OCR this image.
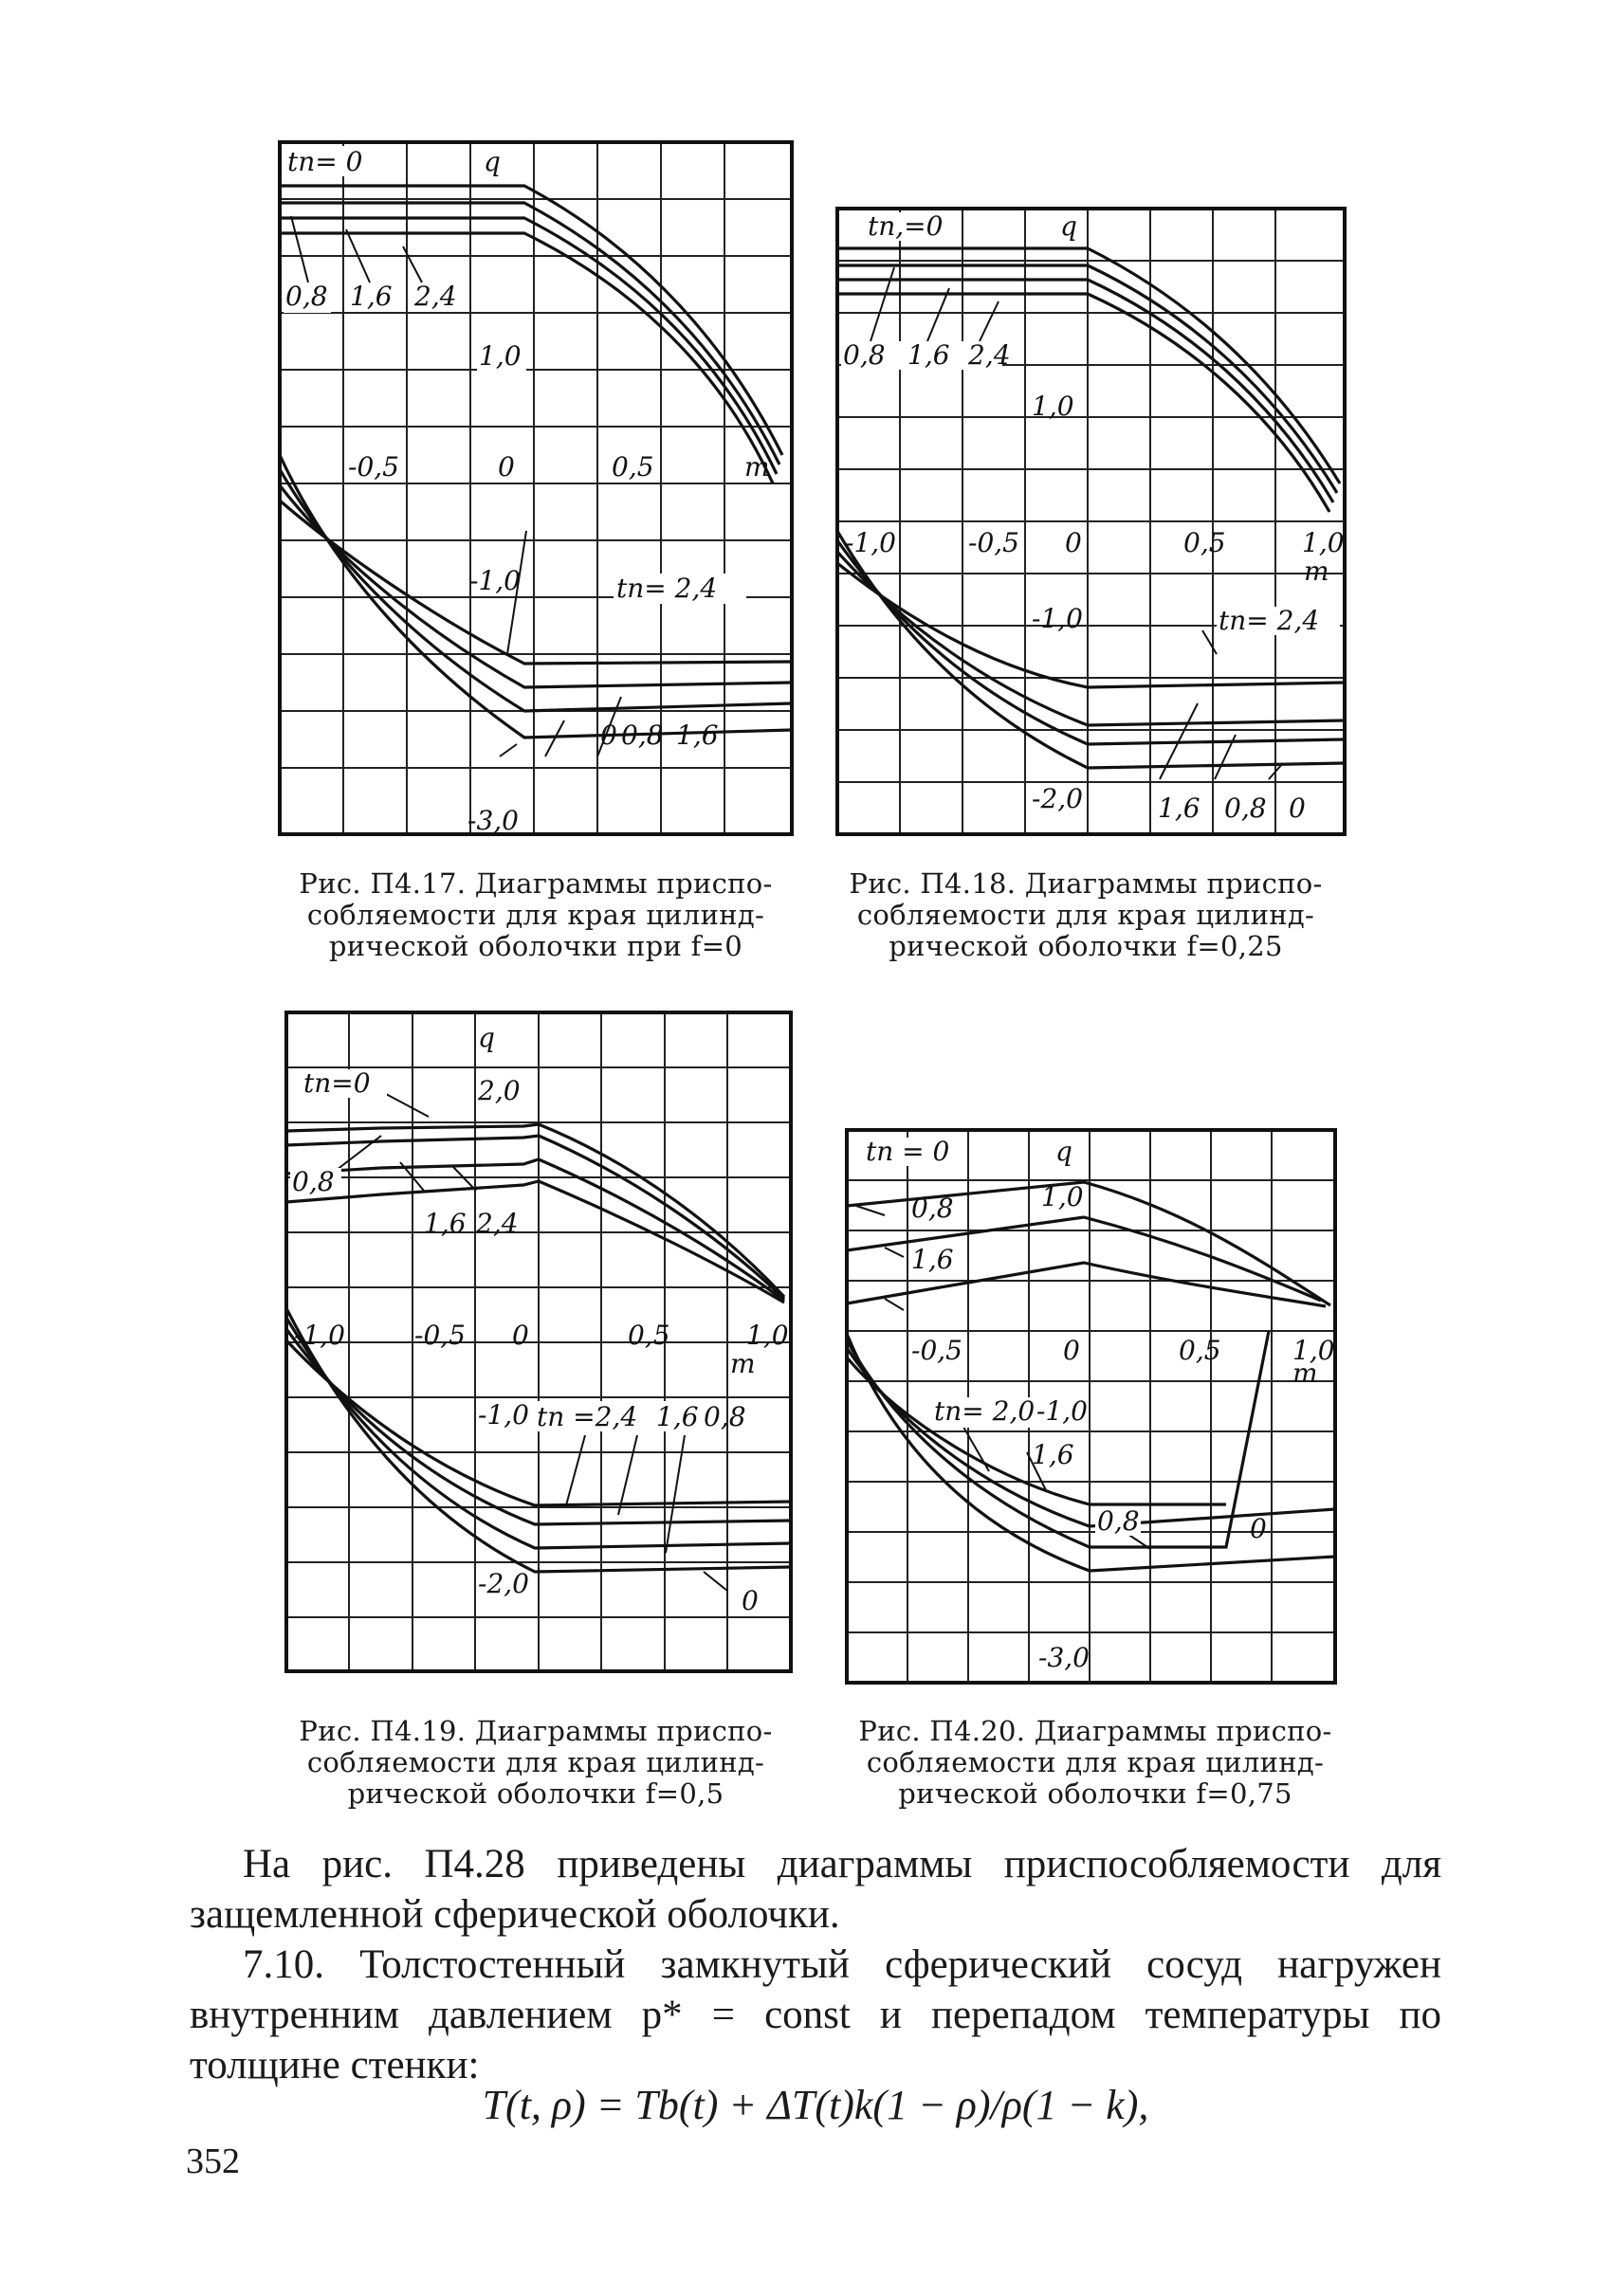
tп= 0	q
0,8 1,6 2,4
1,0
-0,5	0	0,5	m
-1,0	tп= 2,4
0 0,8 1,6
-3,0
Рис. П4.17. Диаграммы приспо-
собляемости для края цилинд-
рической оболочки при f=0
tп,=0	q
0,8 1,6 2,4
1,0
-1,0	-0,5 0	0,5	1,0
m
-1,0	tп= 2,4
-2,0	1,6 0,8 0
Рис. П4.18. Диаграммы приспо-
собляемости для края цилинд-
рической оболочки f=0,25
q
tп=0	2,0
0,8
1,6 2,4
-1,0	-0,5 0	0,5	1,0
m
-1,0 tп =2,4 1,6 0,8
-2,0
0
Рис. П4.19. Диаграммы приспо-
собляемости для края цилинд-
рической оболочки f=0,5
tп = 0	q
0,8	1,0
1,6
-0,5	0	0,5	1,0
m
tп= 2,0 -1,0
1,6
0,8	0
-3,0
Рис. П4.20. Диаграммы приспо-
собляемости для края цилинд-
рической оболочки f=0,75

На рис. П4.28 приведены диаграммы приспособляемости для защемленной сферической оболочки.

7.10. Толстостенный замкнутый сферический сосуд нагружен внутренним давлением p* = const и перепадом температуры по толщине стенки:

T(t, ρ) = Tb(t) + ΔT(t)k(1 − ρ)/ρ(1 − k),
352
